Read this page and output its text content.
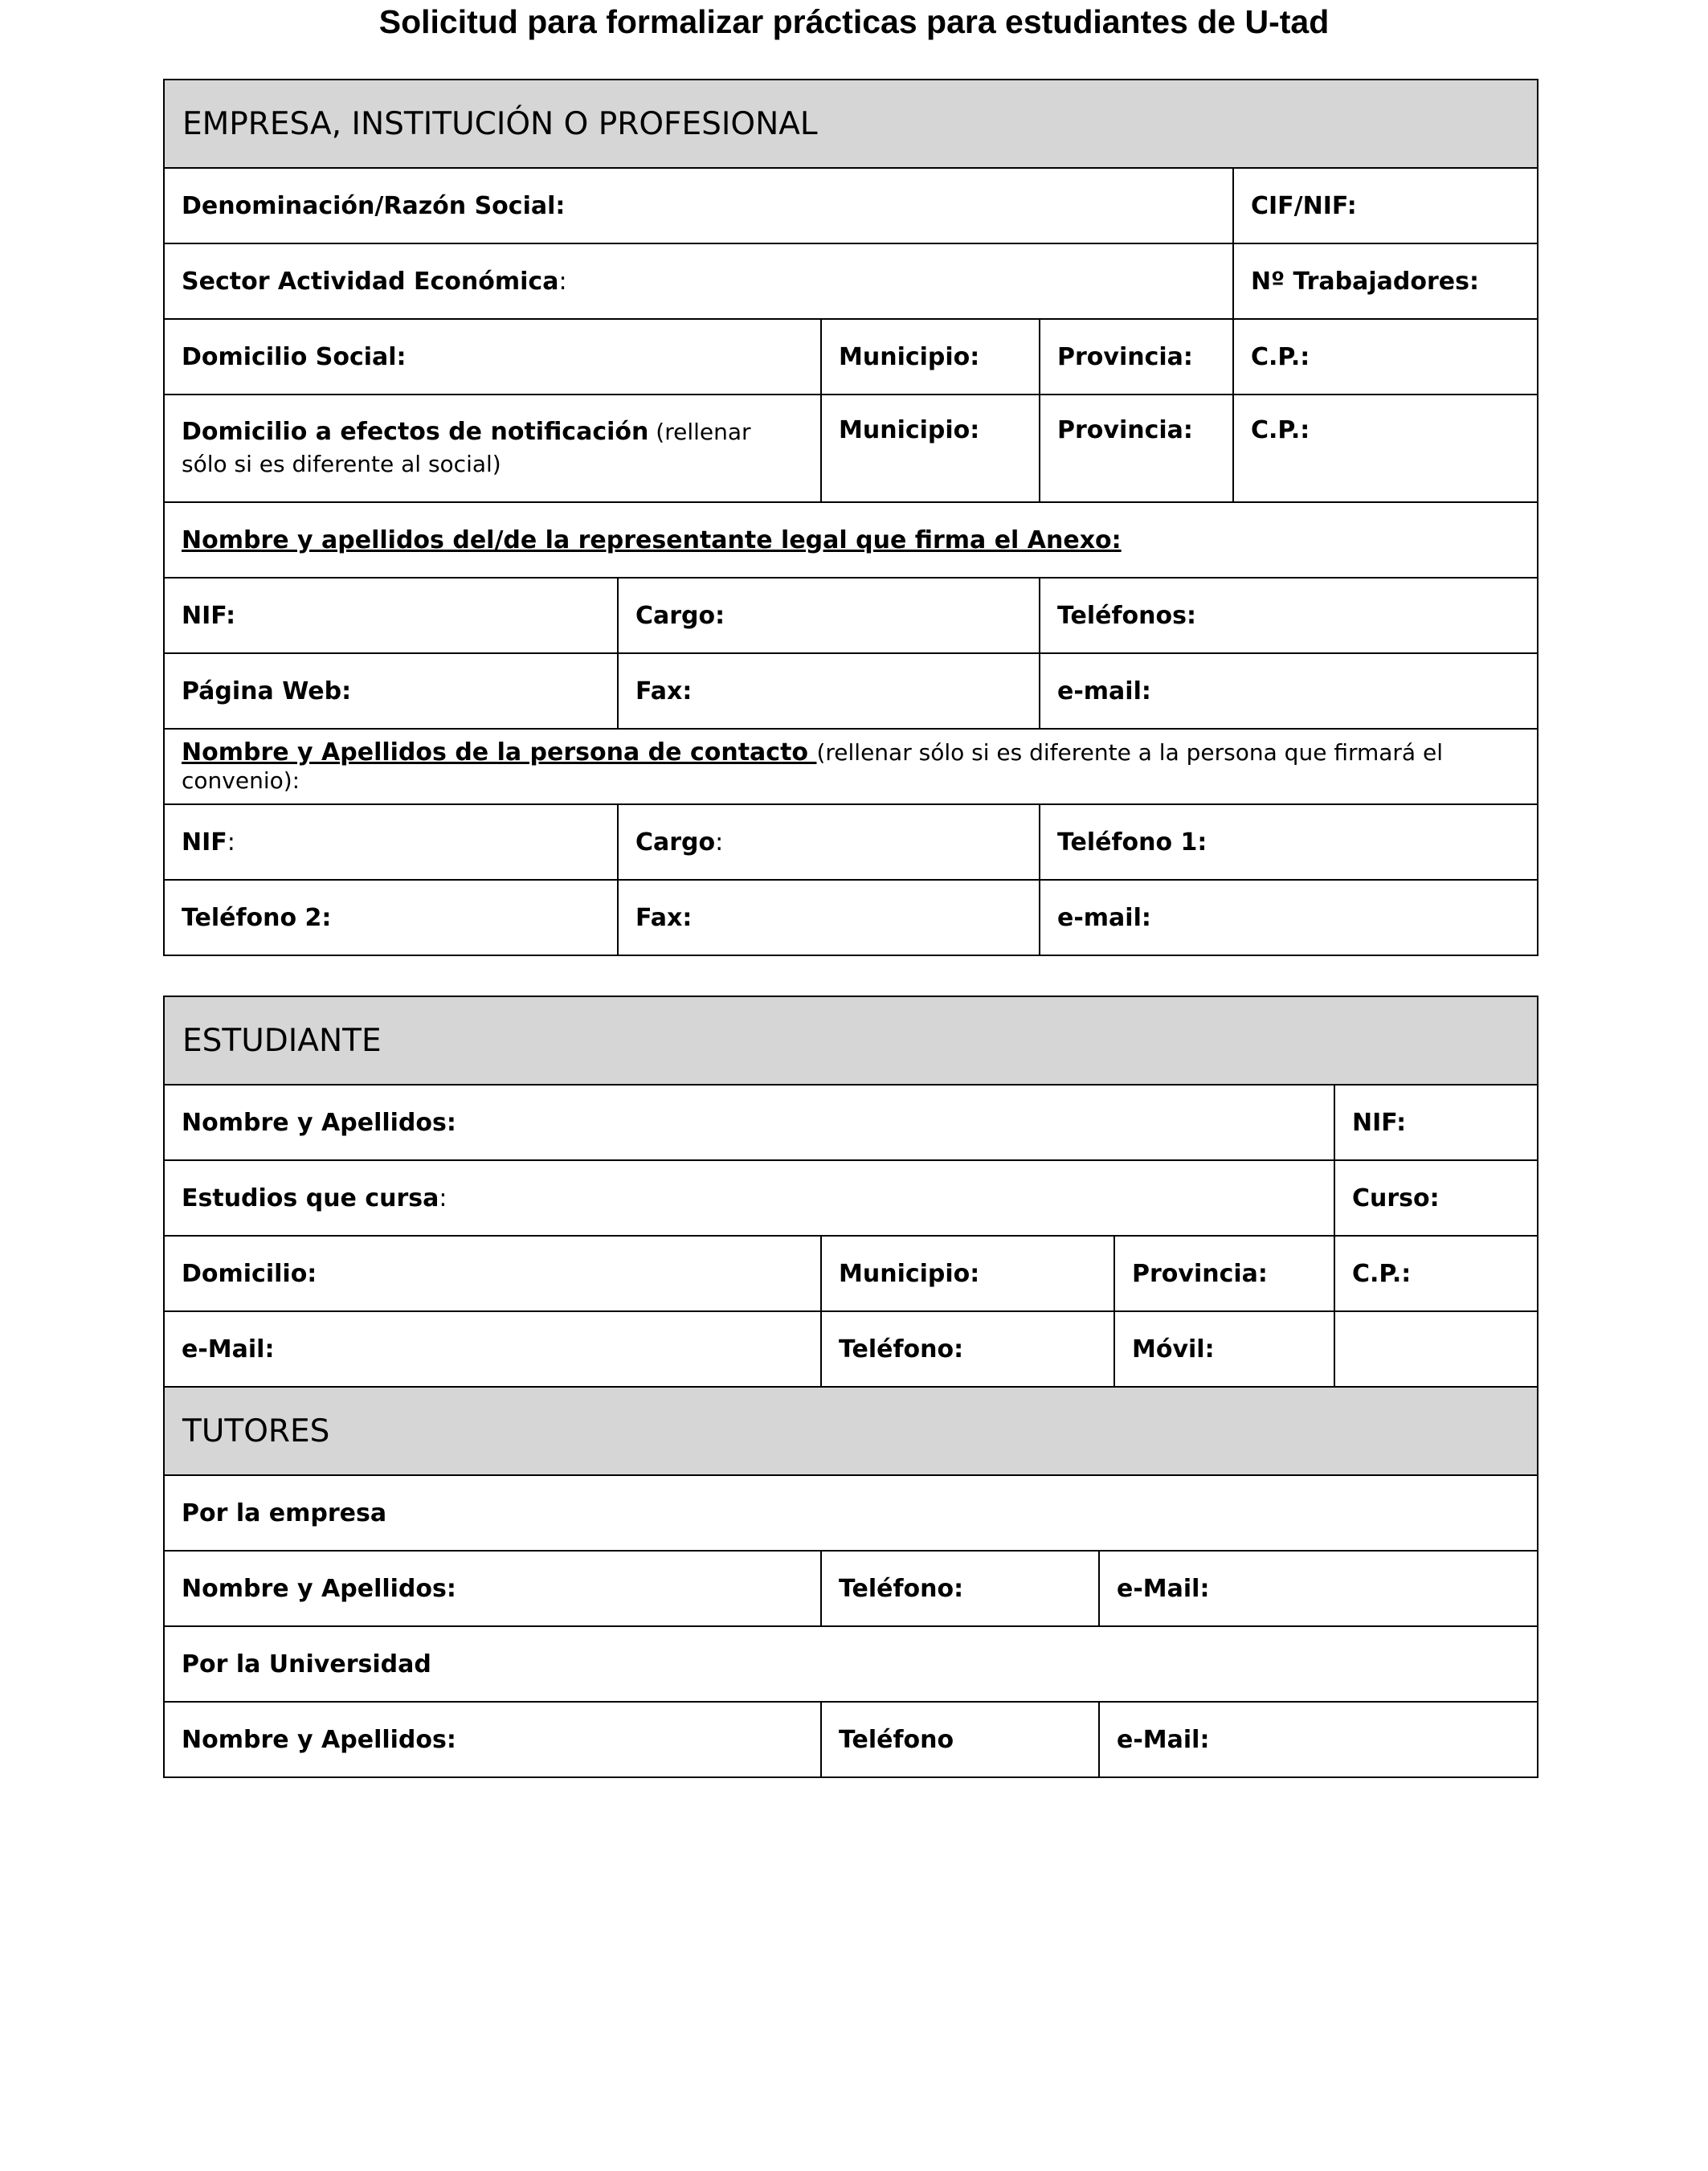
Solicitud para formalizar prácticas para estudiantes de U-tad
EMPRESA, INSTITUCIÓN O PROFESIONAL				
Denominación/Razón Social:				CIF/NIF:
Sector Actividad Económica:				Nº Trabajadores:
Domicilio Social:		Municipio:	Provincia:	C.P.:
Domicilio a efectos de notificación (rellenar sólo si es diferente al social)		Municipio:	Provincia:	C.P.:
Nombre y apellidos del/de la representante legal que firma el Anexo:				
NIF:	Cargo:		Teléfonos:	
Página Web:	Fax:		e-mail:	
Nombre y Apellidos de la persona de contacto (rellenar sólo si es diferente a la persona que firmará el convenio):				
NIF:	Cargo:		Teléfono 1:	
Teléfono 2:	Fax:		e-mail:	
ESTUDIANTE				
Nombre y Apellidos:				NIF:
Estudios que cursa:				Curso:
Domicilio:	Municipio:		Provincia:	C.P.:
e-Mail:	Teléfono:		Móvil:	
TUTORES				
Por la empresa				
Nombre y Apellidos:	Teléfono:	e-Mail:		
Por la Universidad				
Nombre y Apellidos:	Teléfono	e-Mail:		
